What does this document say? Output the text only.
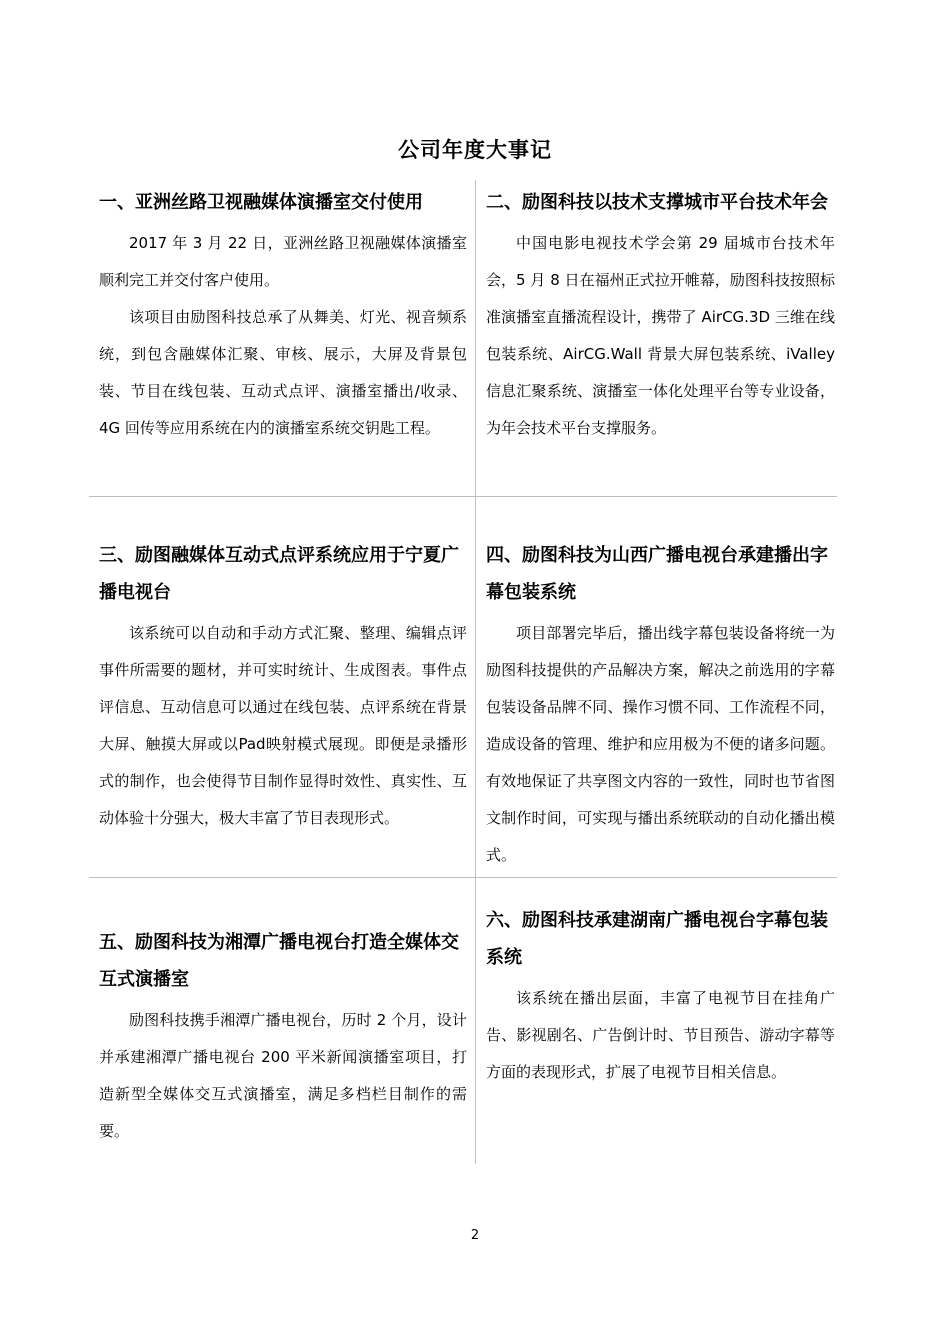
公司年度大事记
一、亚洲丝路卫视融媒体演播室交付使用

2017 年 3 月 22 日，亚洲丝路卫视融媒体演播室顺利完工并交付客户使用。

该项目由励图科技总承了从舞美、灯光、视音频系统，到包含融媒体汇聚、审核、展示，大屏及背景包装、节目在线包装、互动式点评、演播室播出/收录、4G 回传等应用系统在内的演播室系统交钥匙工程。

二、励图科技以技术支撑城市平台技术年会

中国电影电视技术学会第 29 届城市台技术年会，5 月 8 日在福州正式拉开帷幕，励图科技按照标准演播室直播流程设计，携带了 AirCG.3D 三维在线包装系统、AirCG.Wall 背景大屏包装系统、iValley 信息汇聚系统、演播室一体化处理平台等专业设备，为年会技术平台支撑服务。

三、励图融媒体互动式点评系统应用于宁夏广播电视台

该系统可以自动和手动方式汇聚、整理、编辑点评事件所需要的题材，并可实时统计、生成图表。事件点评信息、互动信息可以通过在线包装、点评系统在背景大屏、触摸大屏或以Pad映射模式展现。即便是录播形式的制作，也会使得节目制作显得时效性、真实性、互动体验十分强大，极大丰富了节目表现形式。

四、励图科技为山西广播电视台承建播出字幕包装系统

项目部署完毕后，播出线字幕包装设备将统一为励图科技提供的产品解决方案，解决之前选用的字幕包装设备品牌不同、操作习惯不同、工作流程不同，造成设备的管理、维护和应用极为不便的诸多问题。有效地保证了共享图文内容的一致性，同时也节省图文制作时间，可实现与播出系统联动的自动化播出模式。

五、励图科技为湘潭广播电视台打造全媒体交互式演播室

励图科技携手湘潭广播电视台，历时 2 个月，设计并承建湘潭广播电视台 200 平米新闻演播室项目，打造新型全媒体交互式演播室，满足多档栏目制作的需要。

六、励图科技承建湖南广播电视台字幕包装系统

该系统在播出层面，丰富了电视节目在挂角广告、影视剧名、广告倒计时、节目预告、游动字幕等方面的表现形式，扩展了电视节目相关信息。

2
